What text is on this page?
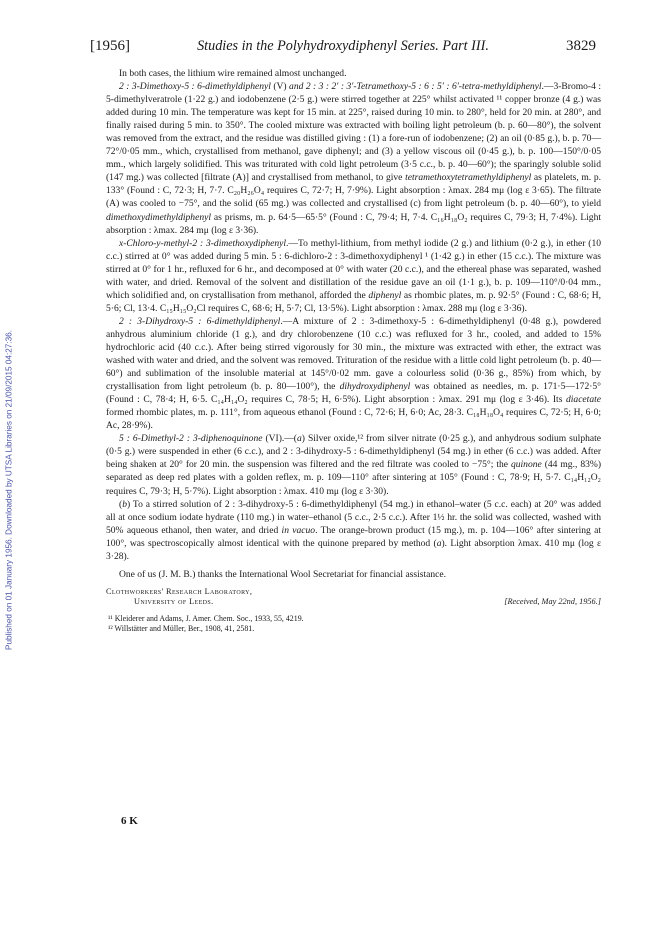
Published on 01 January 1956. Downloaded by UTSA Libraries on 21/09/2015 04:27:36.
[1956]	Studies in the Polyhydroxydiphenyl Series. Part III.	3829

In both cases, the lithium wire remained almost unchanged.

2 : 3-Dimethoxy-5 : 6-dimethyldiphenyl (V) and 2 : 3 : 2′ : 3′-Tetramethoxy-5 : 6 : 5′ : 6′-tetra-methyldiphenyl.—3-Bromo-4 : 5-dimethylveratrole (1·22 g.) and iodobenzene (2·5 g.) were stirred together at 225° whilst activated ¹¹ copper bronze (4 g.) was added during 10 min. The temperature was kept for 15 min. at 225°, raised during 10 min. to 280°, held for 20 min. at 280°, and finally raised during 5 min. to 350°. The cooled mixture was extracted with boiling light petroleum (b. p. 60—80°), the solvent was removed from the extract, and the residue was distilled giving : (1) a fore-run of iodobenzene; (2) an oil (0·85 g.), b. p. 70—72°/0·05 mm., which, crystallised from methanol, gave diphenyl; and (3) a yellow viscous oil (0·45 g.), b. p. 100—150°/0·05 mm., which largely solidified. This was triturated with cold light petroleum (3·5 c.c., b. p. 40—60°); the sparingly soluble solid (147 mg.) was collected [filtrate (A)] and crystallised from methanol, to give tetramethoxytetramethyldiphenyl as platelets, m. p. 133° (Found : C, 72·3; H, 7·7. C₂₀H₂₆O₄ requires C, 72·7; H, 7·9%). Light absorption : λmax. 284 mμ (log ε 3·65). The filtrate (A) was cooled to −75°, and the solid (65 mg.) was collected and crystallised (c) from light petroleum (b. p. 40—60°), to yield dimethoxydimethyldiphenyl as prisms, m. p. 64·5—65·5° (Found : C, 79·4; H, 7·4. C₁₆H₁₈O₂ requires C, 79·3; H, 7·4%). Light absorption : λmax. 284 mμ (log ε 3·36).

x-Chloro-y-methyl-2 : 3-dimethoxydiphenyl.—To methyl-lithium, from methyl iodide (2 g.) and lithium (0·2 g.), in ether (10 c.c.) stirred at 0° was added during 5 min. 5 : 6-dichloro-2 : 3-dimethoxydiphenyl ¹ (1·42 g.) in ether (15 c.c.). The mixture was stirred at 0° for 1 hr., refluxed for 6 hr., and decomposed at 0° with water (20 c.c.), and the ethereal phase was separated, washed with water, and dried. Removal of the solvent and distillation of the residue gave an oil (1·1 g.), b. p. 109—110°/0·04 mm., which solidified and, on crystallisation from methanol, afforded the diphenyl as rhombic plates, m. p. 92·5° (Found : C, 68·6; H, 5·6; Cl, 13·4. C₁₅H₁₅O₂Cl requires C, 68·6; H, 5·7; Cl, 13·5%). Light absorption : λmax. 288 mμ (log ε 3·36).

2 : 3-Dihydroxy-5 : 6-dimethyldiphenyl.—A mixture of 2 : 3-dimethoxy-5 : 6-dimethyldiphenyl (0·48 g.), powdered anhydrous aluminium chloride (1 g.), and dry chlorobenzene (10 c.c.) was refluxed for 3 hr., cooled, and added to 15% hydrochloric acid (40 c.c.). After being stirred vigorously for 30 min., the mixture was extracted with ether, the extract was washed with water and dried, and the solvent was removed. Trituration of the residue with a little cold light petroleum (b. p. 40—60°) and sublimation of the insoluble material at 145°/0·02 mm. gave a colourless solid (0·36 g., 85%) from which, by crystallisation from light petroleum (b. p. 80—100°), the dihydroxydiphenyl was obtained as needles, m. p. 171·5—172·5° (Found : C, 78·4; H, 6·5. C₁₄H₁₄O₂ requires C, 78·5; H, 6·5%). Light absorption : λmax. 291 mμ (log ε 3·46). Its diacetate formed rhombic plates, m. p. 111°, from aqueous ethanol (Found : C, 72·6; H, 6·0; Ac, 28·3. C₁₈H₁₈O₄ requires C, 72·5; H, 6·0; Ac, 28·9%).

5 : 6-Dimethyl-2 : 3-diphenoquinone (VI).—(a) Silver oxide,¹² from silver nitrate (0·25 g.), and anhydrous sodium sulphate (0·5 g.) were suspended in ether (6 c.c.), and 2 : 3-dihydroxy-5 : 6-dimethyldiphenyl (54 mg.) in ether (6 c.c.) was added. After being shaken at 20° for 20 min. the suspension was filtered and the red filtrate was cooled to −75°; the quinone (44 mg., 83%) separated as deep red plates with a golden reflex, m. p. 109—110° after sintering at 105° (Found : C, 78·9; H, 5·7. C₁₄H₁₂O₂ requires C, 79·3; H, 5·7%). Light absorption : λmax. 410 mμ (log ε 3·30).

(b) To a stirred solution of 2 : 3-dihydroxy-5 : 6-dimethyldiphenyl (54 mg.) in ethanol–water (5 c.c. each) at 20° was added all at once sodium iodate hydrate (110 mg.) in water–ethanol (5 c.c., 2·5 c.c.). After 1½ hr. the solid was collected, washed with 50% aqueous ethanol, then water, and dried in vacuo. The orange-brown product (15 mg.), m. p. 104—106° after sintering at 100°, was spectroscopically almost identical with the quinone prepared by method (a). Light absorption λmax. 410 mμ (log ε 3·28).

One of us (J. M. B.) thanks the International Wool Secretariat for financial assistance.

Clothworkers' Research Laboratory,
University of Leeds.	[Received, May 22nd, 1956.]
¹¹ Kleiderer and Adams, J. Amer. Chem. Soc., 1933, 55, 4219.
¹² Willstätter and Müller, Ber., 1908, 41, 2581.
6 K
